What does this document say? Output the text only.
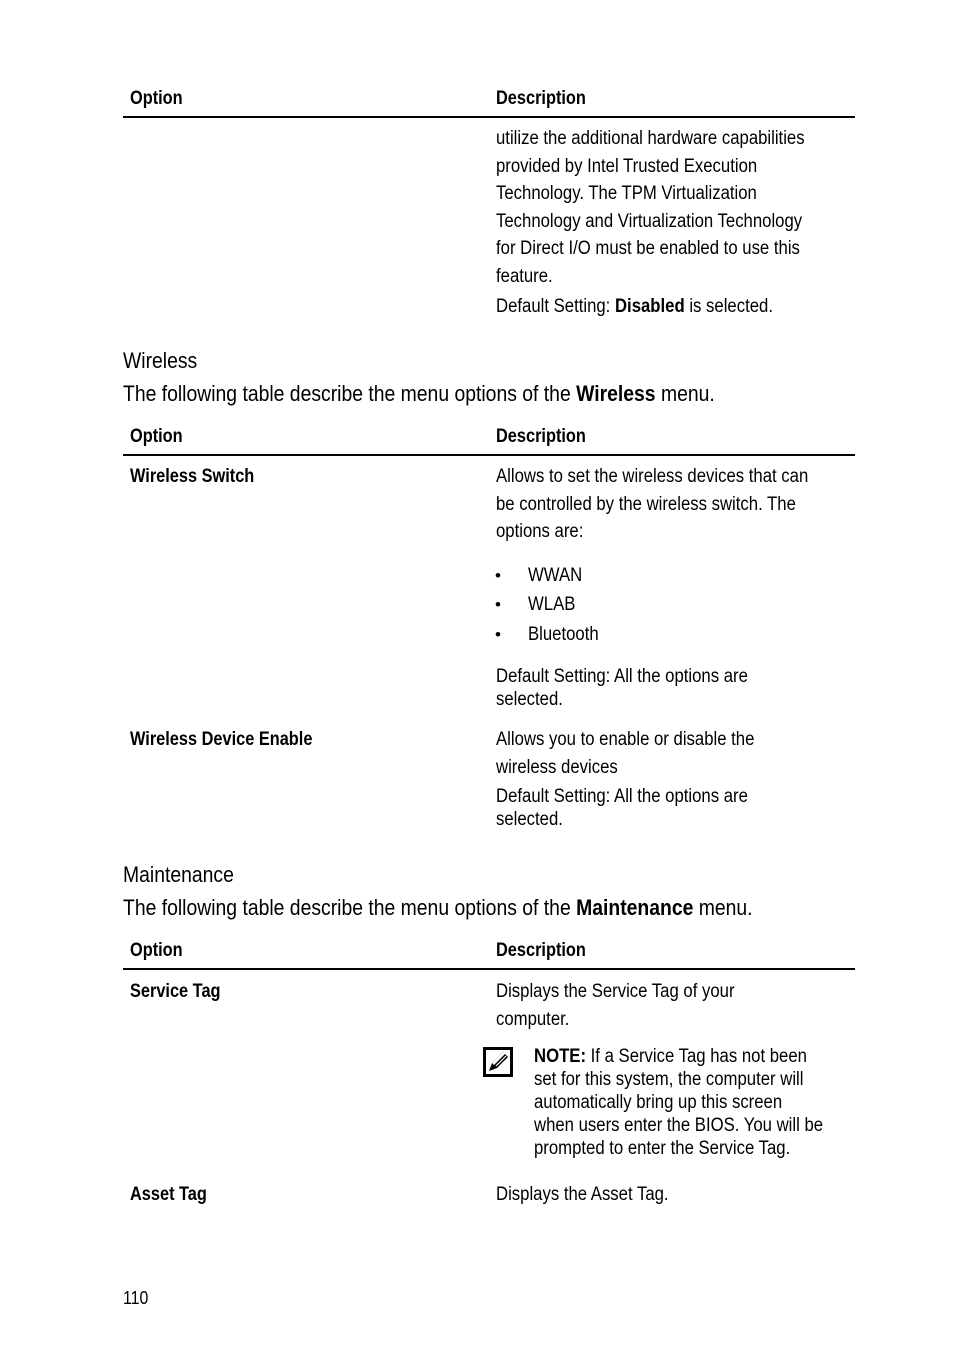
Option	Description
utilize the additional hardware capabilities
provided by Intel Trusted Execution
Technology. The TPM Virtualization
Technology and Virtualization Technology
for Direct I/O must be enabled to use this
feature.
Default Setting: Disabled is selected.
Wireless
The following table describe the menu options of the Wireless menu.
Option	Description
Wireless Switch	Allows to set the wireless devices that can
be controlled by the wireless switch. The
options are:
• WWAN
• WLAB
• Bluetooth
Default Setting: All the options are
selected.
Wireless Device Enable	Allows you to enable or disable the
wireless devices
Default Setting: All the options are
selected.
Maintenance
The following table describe the menu options of the Maintenance menu.
Option	Description
Service Tag	Displays the Service Tag of your
computer.
NOTE: If a Service Tag has not been
set for this system, the computer will
automatically bring up this screen
when users enter the BIOS. You will be
prompted to enter the Service Tag.
Asset Tag	Displays the Asset Tag.
110
